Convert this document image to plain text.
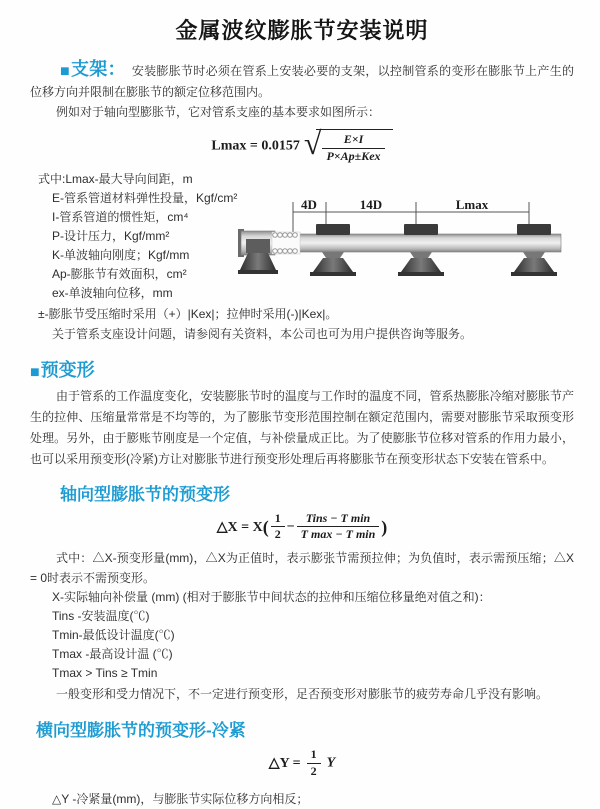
金属波纹膨胀节安装说明

■支架： 安装膨胀节时必须在管系上安装必要的支架，以控制管系的变形在膨胀节上产生的位移方向并限制在膨胀节的额定位移范围内。

例如对于轴向型膨胀节，它对管系支座的基本要求如图所示：

Lmax = 0.0157 √ $\frac{E\times I}{\text{P×Ap±Kex}}$
式中:Lmax-最大导向间距，m
E-管系管道材料弹性投量，Kgf/cm²
I-管系管道的惯性矩，cm⁴
P-设计压力，Kgf/mm²
K-单波轴向刚度；Kgf/mm
Ap-膨胀节有效面积，cm²
ex-单波轴向位移，mm
4D	14D	Lmax
±-膨胀节受压缩时采用（+）|Kex|；拉伸时采用(-)|Kex|。
关于管系支座设计问题，请参阅有关资料，本公司也可为用户提供咨询等服务。
■预变形

由于管系的工作温度变化，安装膨胀节时的温度与工作时的温度不同，管系热膨胀冷缩对膨胀节产生的拉伸、压缩量常常是不均等的，为了膨胀节变形范围控制在额定范围内，需要对膨胀节采取预变形处理。另外，由于膨账节刚度是一个定值，与补偿量成正比。为了使膨胀节位移对管系的作用力最小，也可以采用预变形(冷紧)方让对膨胀节进行预变形处理后再将膨胀节在预变形状态下安装在管系中。

轴向型膨胀节的预变形
△X = $X( \frac{1}{2} - \frac{\text{Tins − T min}}{\text{T max − T min}}$ )

式中：△X-预变形量(mm)，△X为正值时，表示膨张节需预拉伸；为负值时，表示需预压缩；△X = 0时表示不需预变形。

X-实际轴向补偿量 (mm) (相对于膨胀节中间状态的拉伸和压缩位移量绝对值之和)：
Tins -安装温度(℃)
Tmin-最低设计温度(℃)
Tmax -最高设计温 (℃)
Tmax > Tins ≥ Tmin
一般变形和受力情况下，不一定进行预变形，足否预变形对膨胀节的疲劳寿命几乎没有影响。
横向型膨胀节的预变形-冷紧
△Y = $\frac{1}{2}$ Y
△Y -冷紧量(mm)，与膨胀节实际位移方向相反；
